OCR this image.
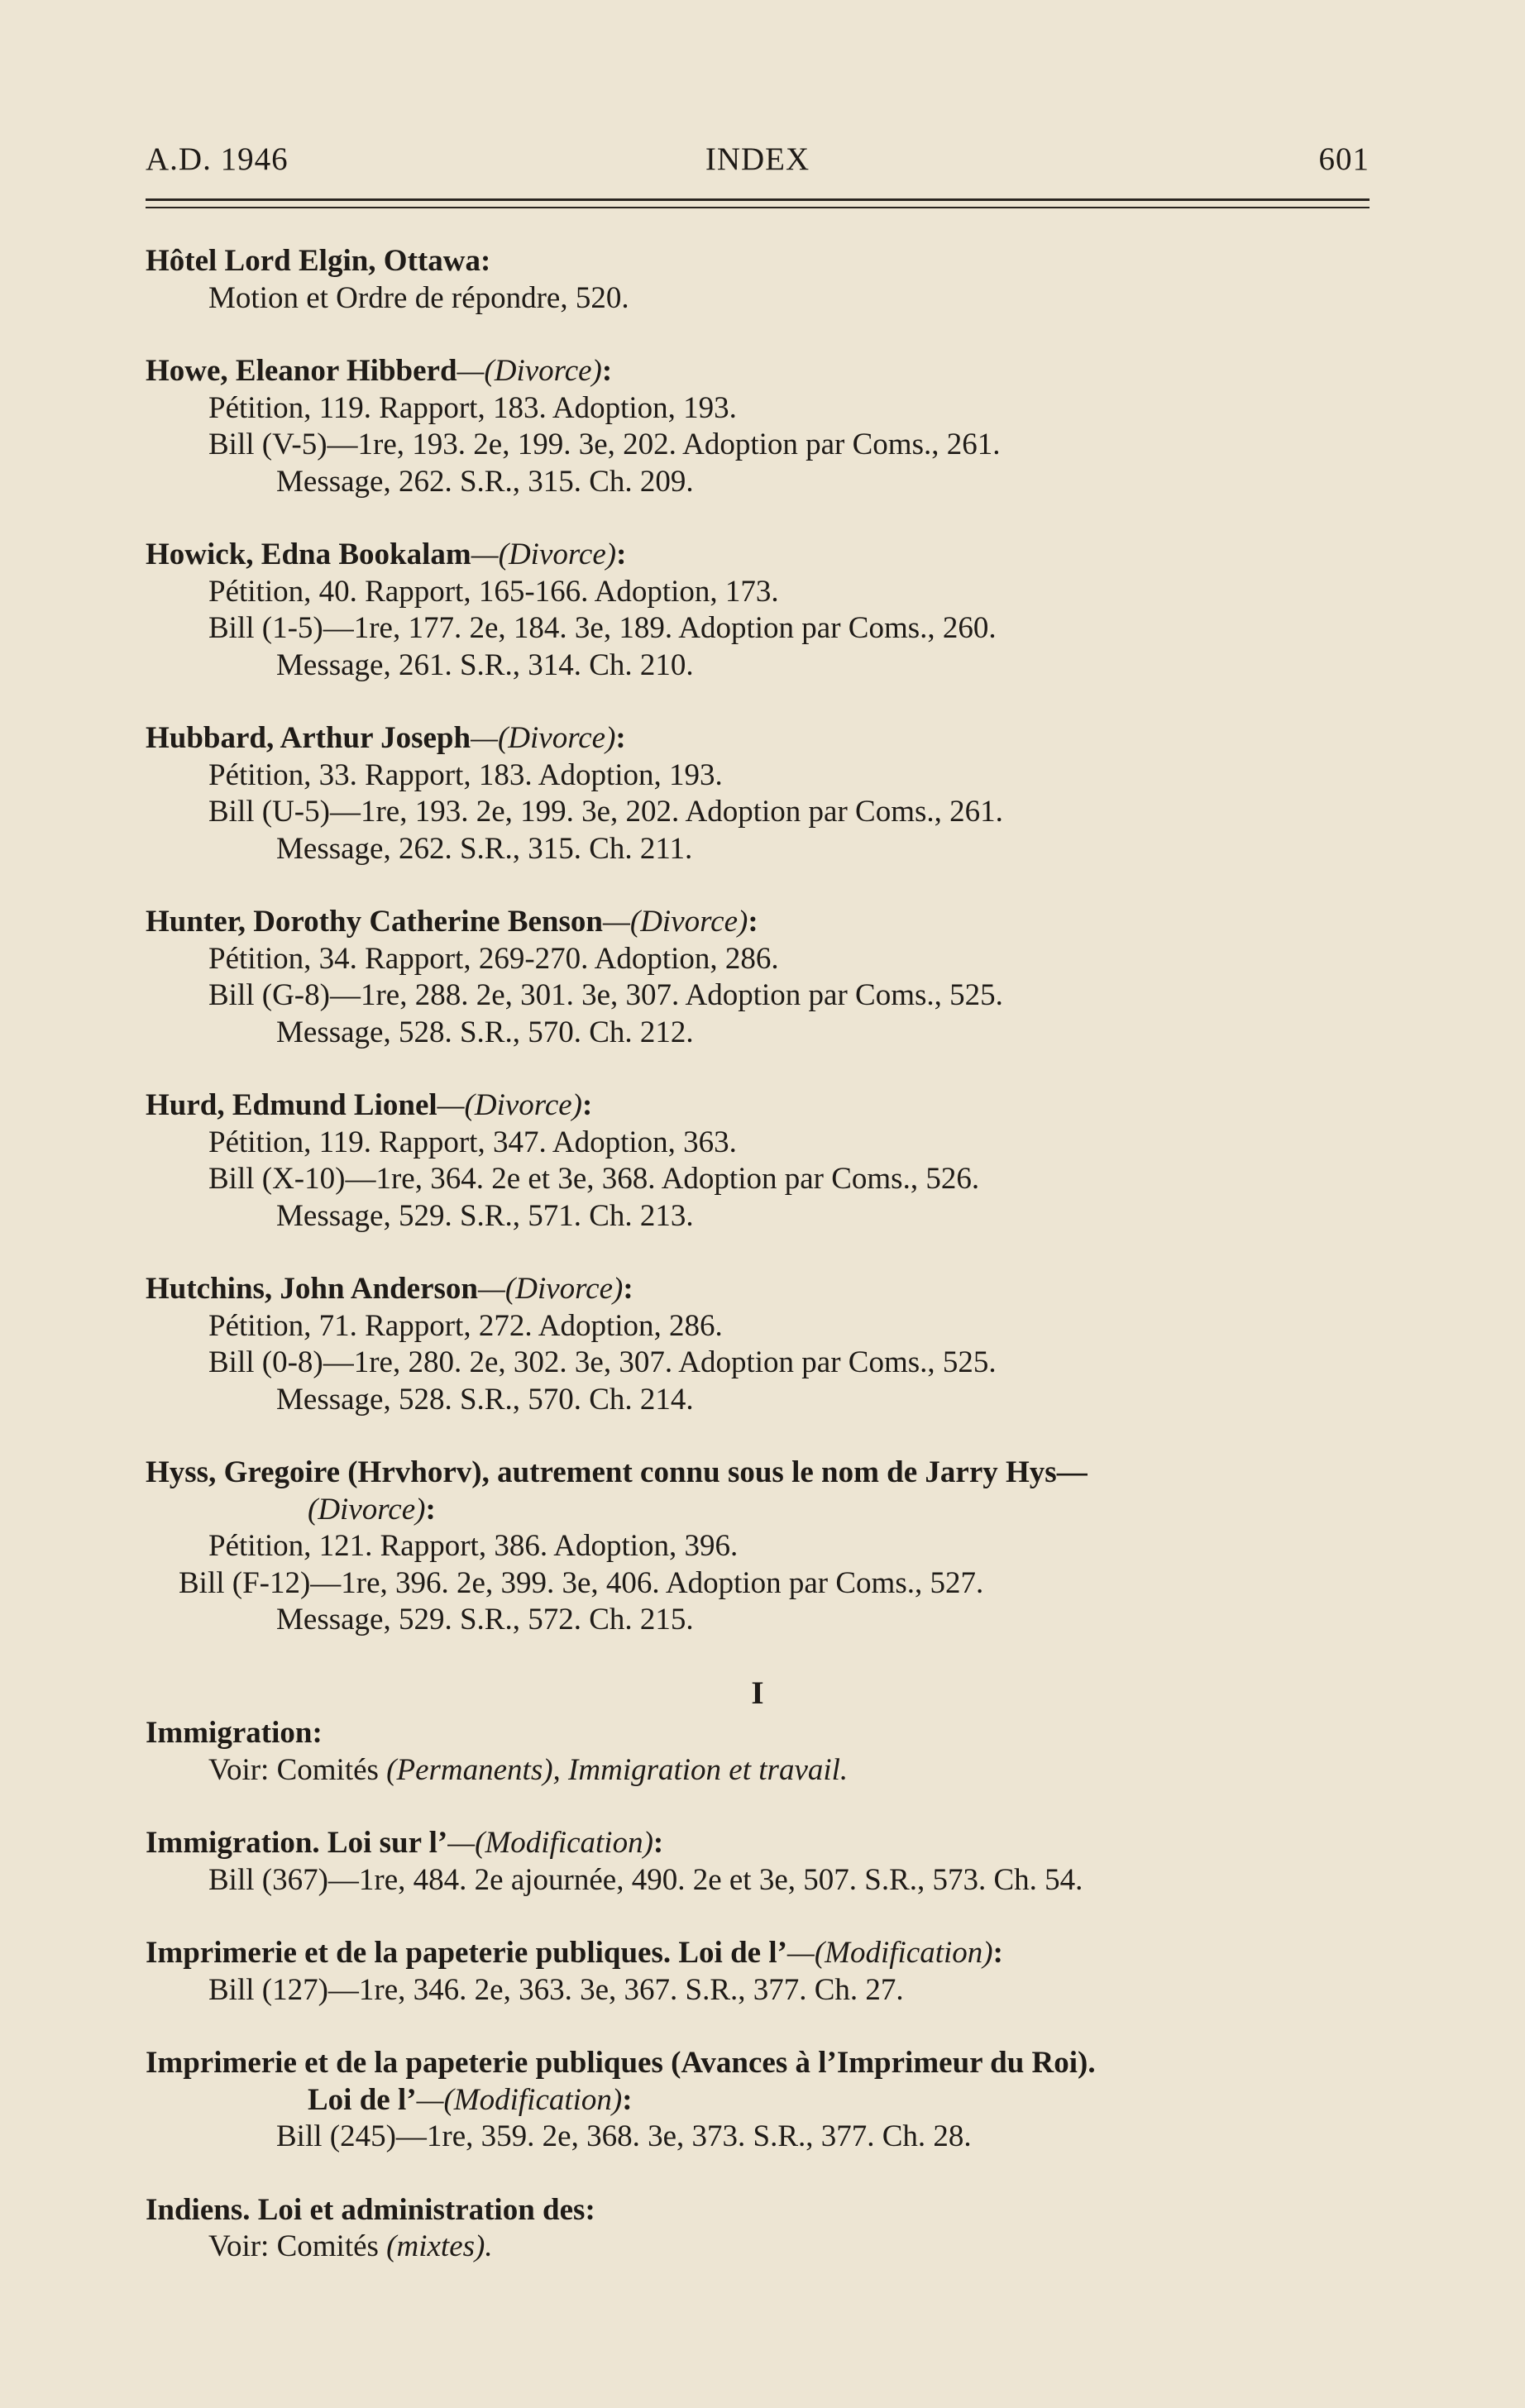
A.D. 1946	INDEX	601
Hôtel Lord Elgin, Ottawa:
Motion et Ordre de répondre, 520.
Howe, Eleanor Hibberd—(Divorce):
Pétition, 119. Rapport, 183. Adoption, 193.
Bill (V-5)—1re, 193. 2e, 199. 3e, 202. Adoption par Coms., 261.
Message, 262. S.R., 315. Ch. 209.
Howick, Edna Bookalam—(Divorce):
Pétition, 40. Rapport, 165-166. Adoption, 173.
Bill (1-5)—1re, 177. 2e, 184. 3e, 189. Adoption par Coms., 260.
Message, 261. S.R., 314. Ch. 210.
Hubbard, Arthur Joseph—(Divorce):
Pétition, 33. Rapport, 183. Adoption, 193.
Bill (U-5)—1re, 193. 2e, 199. 3e, 202. Adoption par Coms., 261.
Message, 262. S.R., 315. Ch. 211.
Hunter, Dorothy Catherine Benson—(Divorce):
Pétition, 34. Rapport, 269-270. Adoption, 286.
Bill (G-8)—1re, 288. 2e, 301. 3e, 307. Adoption par Coms., 525.
Message, 528. S.R., 570. Ch. 212.
Hurd, Edmund Lionel—(Divorce):
Pétition, 119. Rapport, 347. Adoption, 363.
Bill (X-10)—1re, 364. 2e et 3e, 368. Adoption par Coms., 526.
Message, 529. S.R., 571. Ch. 213.
Hutchins, John Anderson—(Divorce):
Pétition, 71. Rapport, 272. Adoption, 286.
Bill (0-8)—1re, 280. 2e, 302. 3e, 307. Adoption par Coms., 525.
Message, 528. S.R., 570. Ch. 214.
Hyss, Gregoire (Hrvhorv), autrement connu sous le nom de Jarry Hys—
(Divorce):
Pétition, 121. Rapport, 386. Adoption, 396.
Bill (F-12)—1re, 396. 2e, 399. 3e, 406. Adoption par Coms., 527.
Message, 529. S.R., 572. Ch. 215.
I
Immigration:
Voir: Comités (Permanents), Immigration et travail.
Immigration. Loi sur l’—(Modification):
Bill (367)—1re, 484. 2e ajournée, 490. 2e et 3e, 507. S.R., 573. Ch. 54.
Imprimerie et de la papeterie publiques. Loi de l’—(Modification):
Bill (127)—1re, 346. 2e, 363. 3e, 367. S.R., 377. Ch. 27.
Imprimerie et de la papeterie publiques (Avances à l’Imprimeur du Roi).
Loi de l’—(Modification):
Bill (245)—1re, 359. 2e, 368. 3e, 373. S.R., 377. Ch. 28.
Indiens. Loi et administration des:
Voir: Comités (mixtes).
